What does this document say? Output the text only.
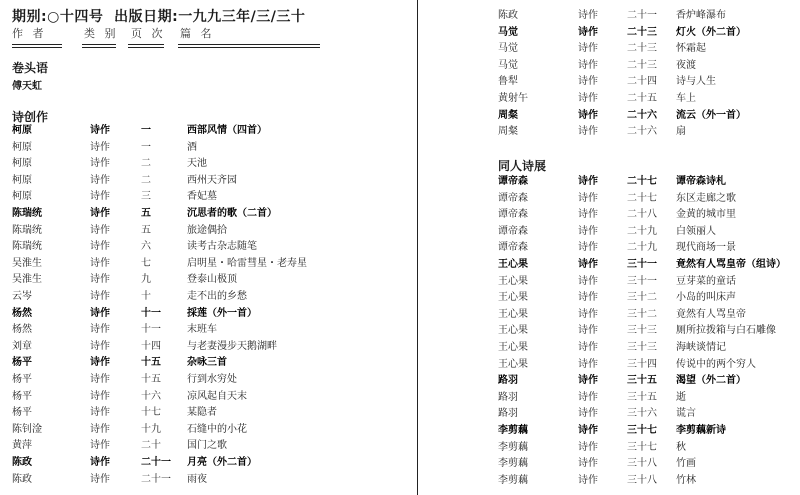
期别:○十四号 出版日期:一九九三年/三/三十
作 者	类 别 页 次 篇 名
卷头语
傅天虹
诗创作
同人诗展
柯原	诗作	一	西部风情（四首）
柯原	诗作	一	酒
柯原	诗作	二	天池
柯原	诗作	二	西州天齐园
柯原	诗作	三	香妃墓
陈瑞统	诗作	五	沉思者的歌（二首）
陈瑞统	诗作	五	旅途偶拾
陈瑞统	诗作	六	读考古杂志随笔
吴淮生	诗作	七	启明星・哈雷彗星・老寿星
吴淮生	诗作	九	登泰山极顶
云岑	诗作	十	走不出的乡愁
杨然	诗作	十一	採莲（外一首）
杨然	诗作	十一	末班车
刘章	诗作	十四	与老妻漫步天鹅湖畔
杨平	诗作	十五	杂咏三首
杨平	诗作	十五	行到水穷处
杨平	诗作	十六	凉风起自天末
杨平	诗作	十七	某隐者
陈钊淦	诗作	十九	石缝中的小花
黄萍	诗作	二十	国门之歌
陈政	诗作	二十一 月亮（外二首）
陈政	诗作	二十一 雨夜
陈政	诗作	二十一 香炉峰瀑布
马觉	诗作	二十三 灯火（外二首）
马觉	诗作	二十三 怀霜起
马觉	诗作	二十三 夜渡
鲁犁	诗作	二十四 诗与人生
黄射午	诗作	二十五 车上
周粲	诗作	二十六 流云（外一首）
周粲	诗作	二十六 扇
谭帝森	诗作	二十七 谭帝森诗札
谭帝森	诗作	二十七 东区走廊之歌
谭帝森	诗作	二十八 金黄的城市里
谭帝森	诗作	二十九 白领丽人
谭帝森	诗作	二十九 现代商场一景
王心果	诗作	三十一 竟然有人骂皇帝（组诗）
王心果	诗作	三十一 豆芽菜的童话
王心果	诗作	三十二 小岛的叫床声
王心果	诗作	三十二 竟然有人骂皇帝
王心果	诗作	三十三 厕所拉拨箱与白石雕像
王心果	诗作	三十三 海峡谈情记
王心果	诗作	三十四 传说中的两个穷人
路羽	诗作	三十五 渴望（外二首）
路羽	诗作	三十五 逝
路羽	诗作	三十六 谎言
李剪藕	诗作	三十七 李剪藕新诗
李剪藕	诗作	三十七 秋
李剪藕	诗作	三十八 竹画
李剪藕	诗作	三十八 竹林
